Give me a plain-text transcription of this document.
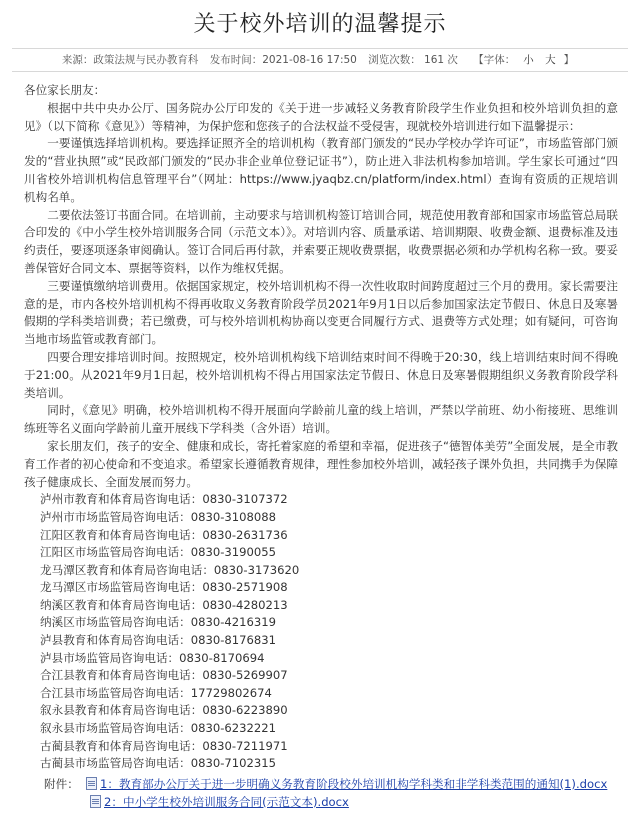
关于校外培训的温馨提示
来源：政策法规与民办教育科 发布时间：2021-08-16 17:50 浏览次数： 161 次 【字体： 小 大 】

各位家长朋友：

根据中共中央办公厅、国务院办公厅印发的《关于进一步减轻义务教育阶段学生作业负担和校外培训负担的意见》（以下简称《意见》）等精神，为保护您和您孩子的合法权益不受侵害，现就校外培训进行如下温馨提示：

一要谨慎选择培训机构。要选择证照齐全的培训机构（教育部门颁发的“民办学校办学许可证”，市场监管部门颁发的“营业执照”或“民政部门颁发的“民办非企业单位登记证书”），防止进入非法机构参加培训。学生家长可通过“四川省校外培训机构信息管理平台”（网址：https://www.jyaqbz.cn/platform/index.html）查询有资质的正规培训机构名单。

二要依法签订书面合同。在培训前，主动要求与培训机构签订培训合同，规范使用教育部和国家市场监管总局联合印发的《中小学生校外培训服务合同（示范文本）》。对培训内容、质量承诺、培训期限、收费金额、退费标准及违约责任，要逐项逐条审阅确认。签订合同后再付款，并索要正规收费票据，收费票据必须和办学机构名称一致。要妥善保管好合同文本、票据等资料，以作为维权凭据。

三要谨慎缴纳培训费用。依据国家规定，校外培训机构不得一次性收取时间跨度超过三个月的费用。家长需要注意的是，市内各校外培训机构不得再收取义务教育阶段学员2021年9月1日以后参加国家法定节假日、休息日及寒暑假期的学科类培训费；若已缴费，可与校外培训机构协商以变更合同履行方式、退费等方式处理；如有疑问，可咨询当地市场监管或教育部门。

四要合理安排培训时间。按照规定，校外培训机构线下培训结束时间不得晚于20:30，线上培训结束时间不得晚于21:00。从2021年9月1日起，校外培训机构不得占用国家法定节假日、休息日及寒暑假期组织义务教育阶段学科类培训。

同时，《意见》明确，校外培训机构不得开展面向学龄前儿童的线上培训，严禁以学前班、幼小衔接班、思维训练班等名义面向学龄前儿童开展线下学科类（含外语）培训。

家长朋友们，孩子的安全、健康和成长，寄托着家庭的希望和幸福，促进孩子“德智体美劳”全面发展，是全市教育工作者的初心使命和不变追求。希望家长遵循教育规律，理性参加校外培训，减轻孩子课外负担，共同携手为保障孩子健康成长、全面发展而努力。

泸州市教育和体育局咨询电话：0830-3107372
泸州市市场监管局咨询电话：0830-3108088
江阳区教育和体育局咨询电话：0830-2631736
江阳区市场监管局咨询电话：0830-3190055
龙马潭区教育和体育局咨询电话：0830-3173620
龙马潭区市场监管局咨询电话：0830-2571908
纳溪区教育和体育局咨询电话：0830-4280213
纳溪区市场监管局咨询电话：0830-4216319
泸县教育和体育局咨询电话：0830-8176831
泸县市场监管局咨询电话：0830-8170694
合江县教育和体育局咨询电话：0830-5269907
合江县市场监管局咨询电话：17729802674
叙永县教育和体育局咨询电话：0830-6223890
叙永县市场监管局咨询电话：0830-6232221
古蔺县教育和体育局咨询电话：0830-7211971
古蔺县市场监管局咨询电话：0830-7102315
附件： 1：教育部办公厅关于进一步明确义务教育阶段校外培训机构学科类和非学科类范围的通知(1).docx
2：中小学生校外培训服务合同(示范文本).docx
